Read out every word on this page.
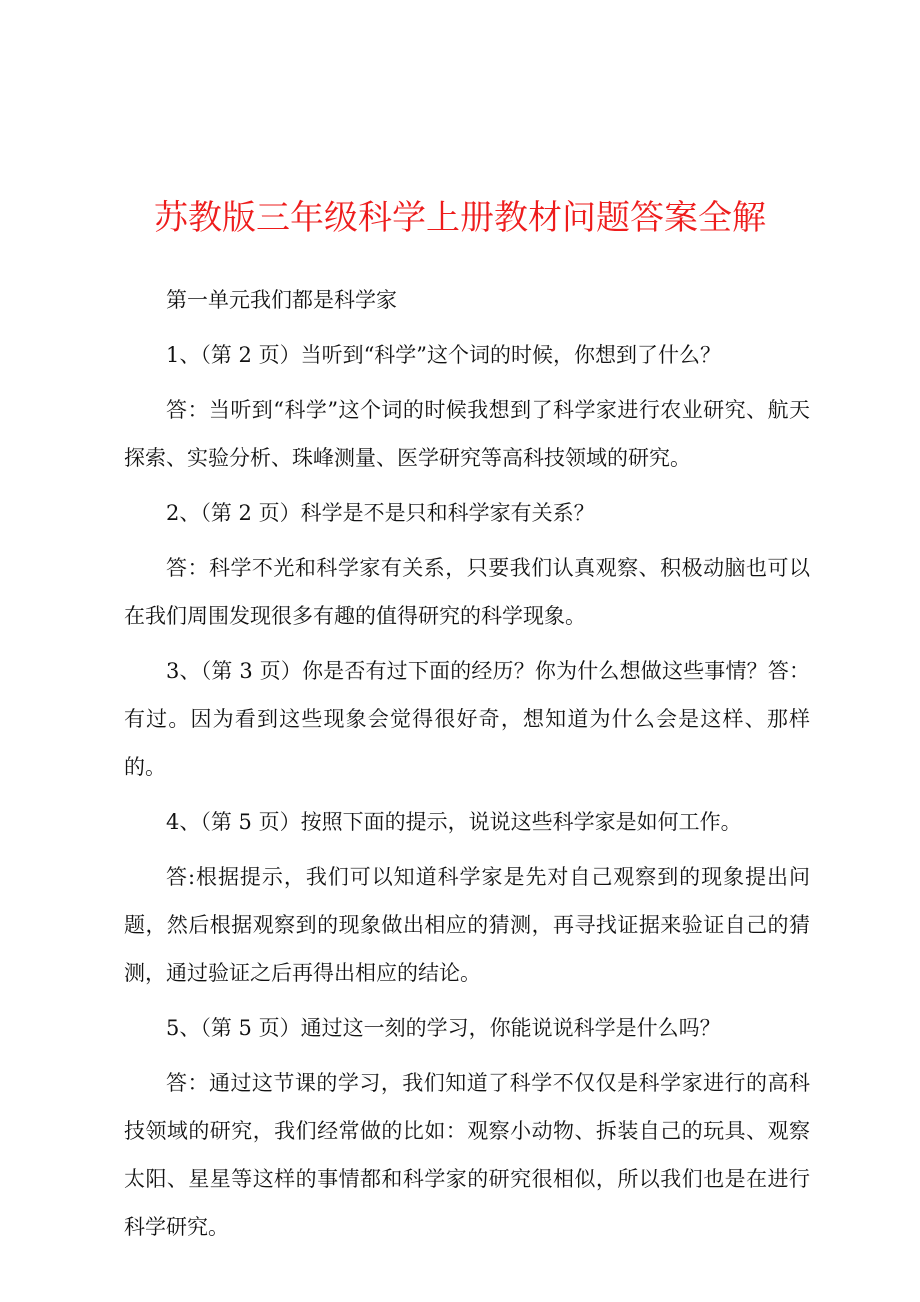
苏教版三年级科学上册教材问题答案全解

第一单元我们都是科学家

1、（第 2 页）当听到“科学”这个词的时候，你想到了什么？

答：当听到“科学”这个词的时候我想到了科学家进行农业研究、航天探索、实验分析、珠峰测量、医学研究等高科技领域的研究。

2、（第 2 页）科学是不是只和科学家有关系？

答：科学不光和科学家有关系，只要我们认真观察、积极动脑也可以在我们周围发现很多有趣的值得研究的科学现象。

3、（第 3 页）你是否有过下面的经历？你为什么想做这些事情？答：有过。因为看到这些现象会觉得很好奇，想知道为什么会是这样、那样的。

4、（第 5 页）按照下面的提示，说说这些科学家是如何工作。

答:根据提示，我们可以知道科学家是先对自己观察到的现象提出问题，然后根据观察到的现象做出相应的猜测，再寻找证据来验证自己的猜测，通过验证之后再得出相应的结论。

5、（第 5 页）通过这一刻的学习，你能说说科学是什么吗？

答：通过这节课的学习，我们知道了科学不仅仅是科学家进行的高科技领域的研究，我们经常做的比如：观察小动物、拆装自己的玩具、观察太阳、星星等这样的事情都和科学家的研究很相似，所以我们也是在进行科学研究。
